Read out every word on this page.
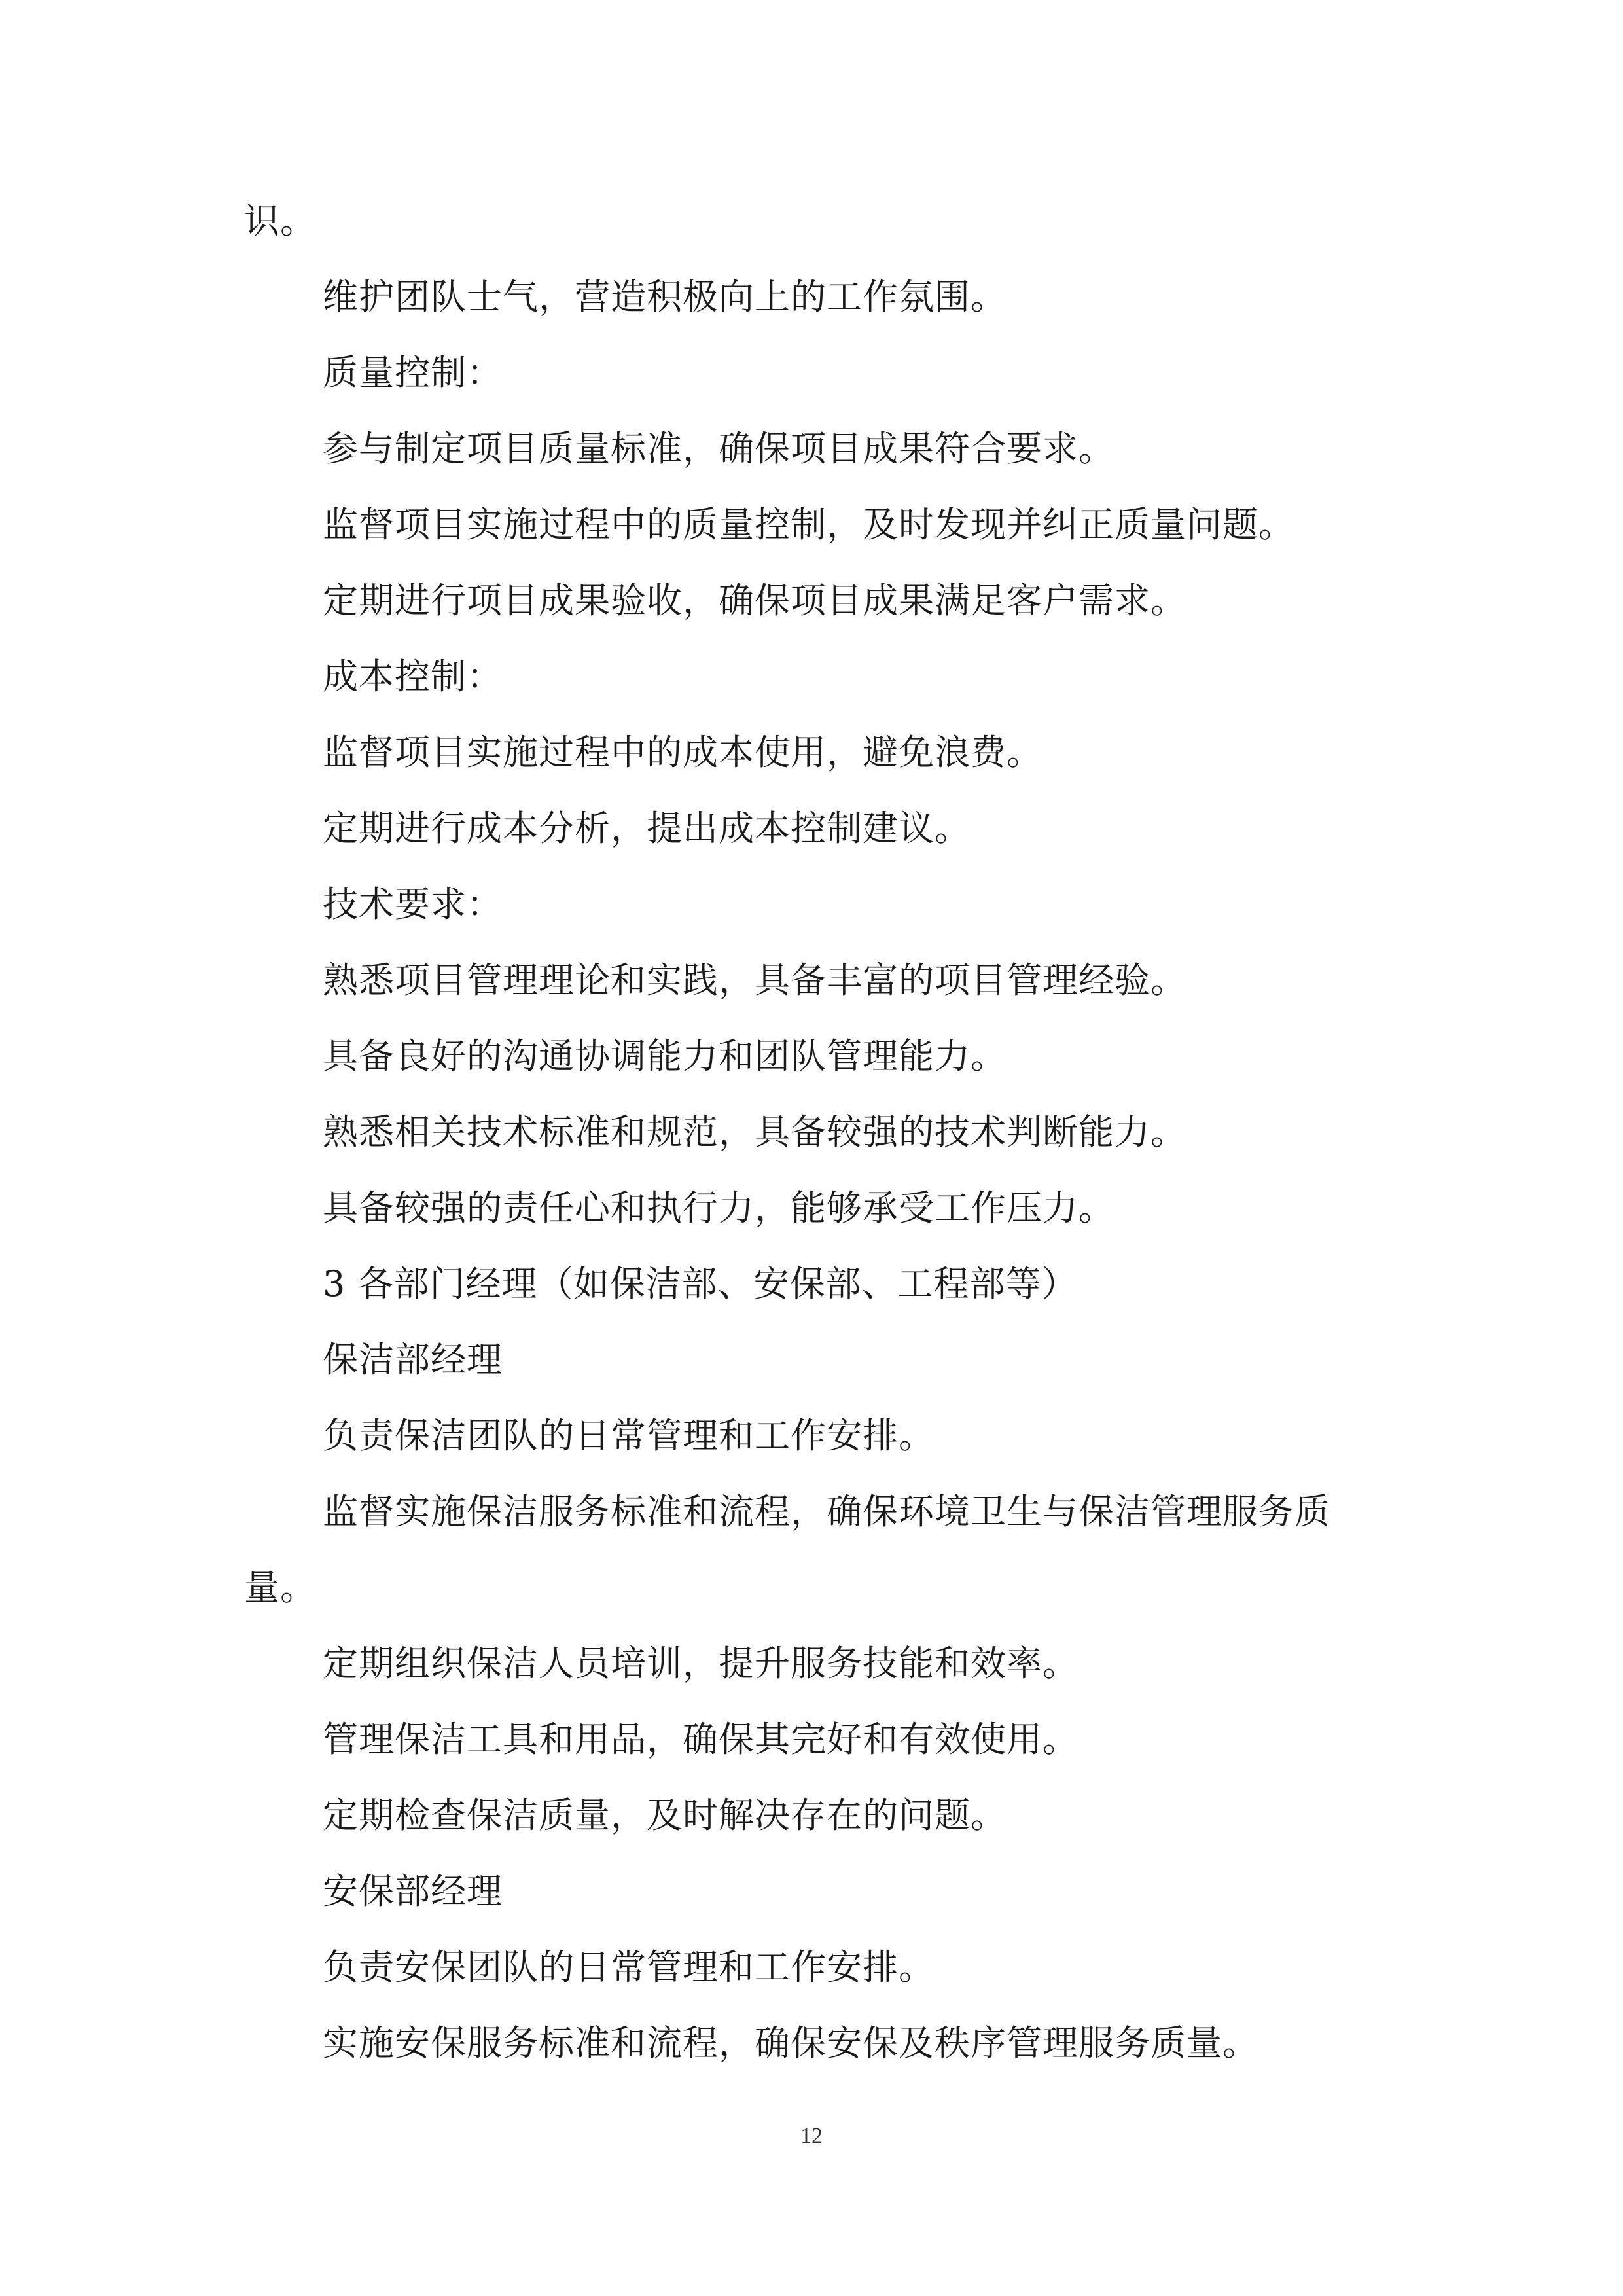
识。
维护团队士气，营造积极向上的工作氛围。
质量控制：
参与制定项目质量标准，确保项目成果符合要求。
监督项目实施过程中的质量控制，及时发现并纠正质量问题。
定期进行项目成果验收，确保项目成果满足客户需求。
成本控制：
监督项目实施过程中的成本使用，避免浪费。
定期进行成本分析，提出成本控制建议。
技术要求：
熟悉项目管理理论和实践，具备丰富的项目管理经验。
具备良好的沟通协调能力和团队管理能力。
熟悉相关技术标准和规范，具备较强的技术判断能力。
具备较强的责任心和执行力，能够承受工作压力。
3 各部门经理（如保洁部、安保部、工程部等）
保洁部经理
负责保洁团队的日常管理和工作安排。
监督实施保洁服务标准和流程，确保环境卫生与保洁管理服务质
量。
定期组织保洁人员培训，提升服务技能和效率。
管理保洁工具和用品，确保其完好和有效使用。
定期检查保洁质量，及时解决存在的问题。
安保部经理
负责安保团队的日常管理和工作安排。
实施安保服务标准和流程，确保安保及秩序管理服务质量。
12
